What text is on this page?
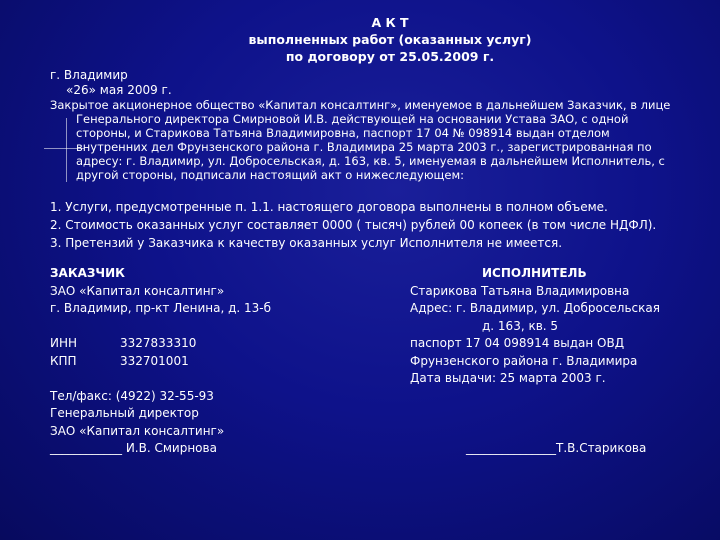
А К Т
выполненных работ (оказанных услуг)
по договору от 25.05.2009 г.
г. Владимир
«26» мая 2009 г.
Закрытое акционерное общество «Капитал консалтинг», именуемое в дальнейшем Заказчик, в лице
Генерального директора Смирновой И.В. действующей на основании Устава ЗАО, с одной
стороны, и Старикова Татьяна Владимировна, паспорт 17 04 № 098914 выдан отделом
внутренних дел Фрунзенского района г. Владимира 25 марта 2003 г., зарегистрированная по
адресу: г. Владимир, ул. Добросельская, д. 163, кв. 5, именуемая в дальнейшем Исполнитель, с
другой стороны, подписали настоящий акт о нижеследующем:
1. Услуги, предусмотренные п. 1.1. настоящего договора выполнены в полном объеме.
2. Стоимость оказанных услуг составляет 0000 ( тысяч) рублей 00 копеек (в том числе НДФЛ).
3. Претензий у Заказчика к качеству оказанных услуг Исполнителя не имеется.
ЗАКАЗЧИК
ЗАО «Капитал консалтинг»
г. Владимир, пр-кт Ленина, д. 13-б

ИНН	3327833310
КПП	332701001

Тел/факс: (4922) 32-55-93
Генеральный директор
ЗАО «Капитал консалтинг»
____________ И.В. Смирнова
ИСПОЛНИТЕЛЬ
Старикова Татьяна Владимировна
Адрес: г. Владимир, ул. Добросельская
д. 163, кв. 5
паспорт 17 04 098914 выдан ОВД
Фрунзенского района г. Владимира
Дата выдачи: 25 марта 2003 г.

_______________Т.В.Старикова
